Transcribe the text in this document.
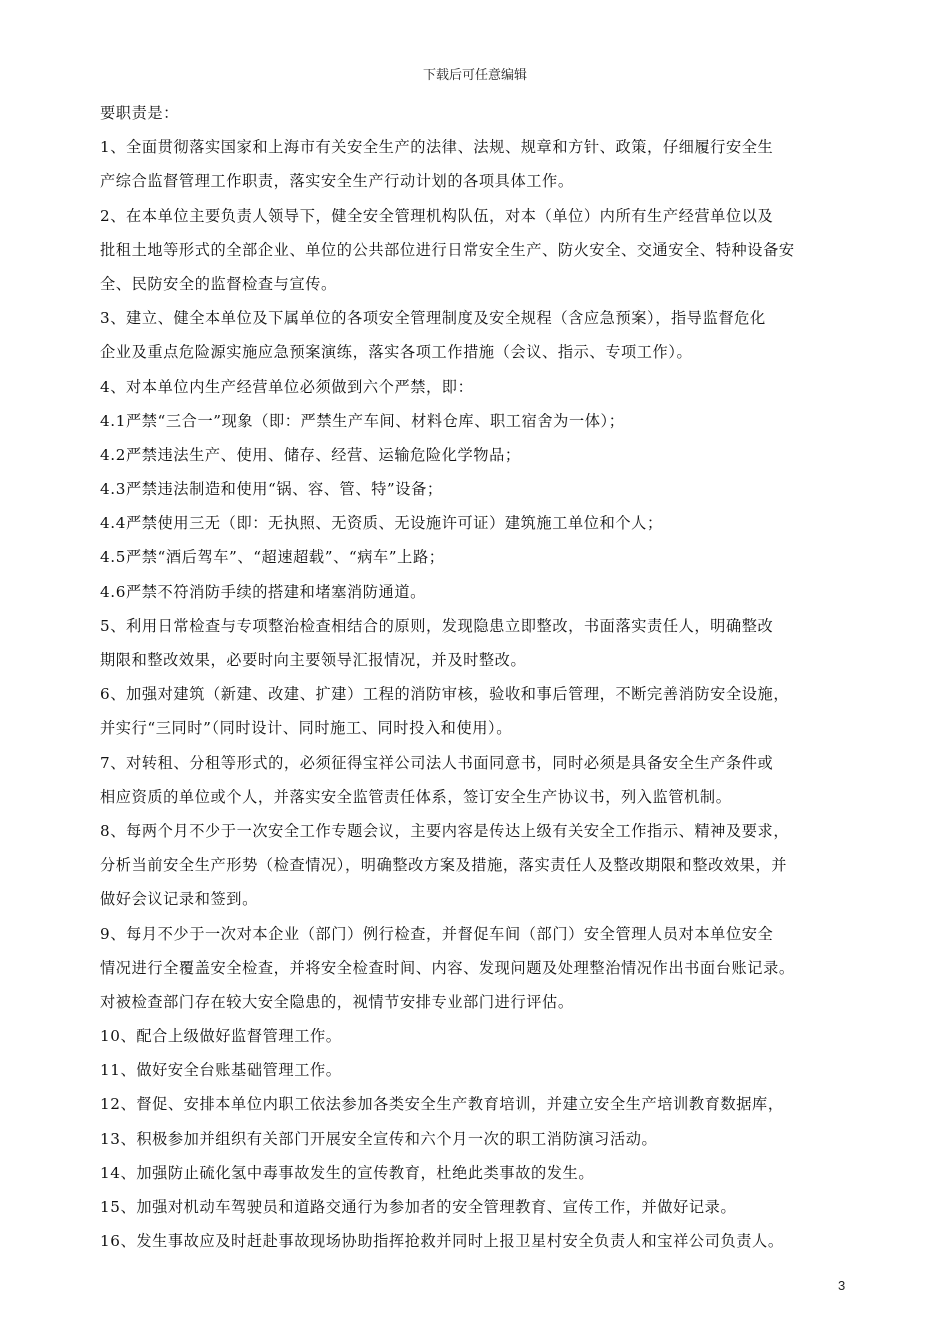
下载后可任意编辑
要职责是：
1、全面贯彻落实国家和上海市有关安全生产的法律、法规、规章和方针、政策，仔细履行安全生
产综合监督管理工作职责，落实安全生产行动计划的各项具体工作。
2、在本单位主要负责人领导下，健全安全管理机构队伍，对本（单位）内所有生产经营单位以及
批租土地等形式的全部企业、单位的公共部位进行日常安全生产、防火安全、交通安全、特种设备安
全、民防安全的监督检查与宣传。
3、建立、健全本单位及下属单位的各项安全管理制度及安全规程（含应急预案），指导监督危化
企业及重点危险源实施应急预案演练，落实各项工作措施（会议、指示、专项工作）。
4、对本单位内生产经营单位必须做到六个严禁，即：
4.1严禁“三合一”现象（即：严禁生产车间、材料仓库、职工宿舍为一体）；
4.2严禁违法生产、使用、储存、经营、运输危险化学物品；
4.3严禁违法制造和使用“锅、容、管、特”设备；
4.4严禁使用三无（即：无执照、无资质、无设施许可证）建筑施工单位和个人；
4.5严禁“酒后驾车”、“超速超载”、“病车”上路；
4.6严禁不符消防手续的搭建和堵塞消防通道。
5、利用日常检查与专项整治检查相结合的原则，发现隐患立即整改，书面落实责任人，明确整改
期限和整改效果，必要时向主要领导汇报情况，并及时整改。
6、加强对建筑（新建、改建、扩建）工程的消防审核，验收和事后管理，不断完善消防安全设施，
并实行“三同时”（同时设计、同时施工、同时投入和使用）。
7、对转租、分租等形式的，必须征得宝祥公司法人书面同意书，同时必须是具备安全生产条件或
相应资质的单位或个人，并落实安全监管责任体系，签订安全生产协议书，列入监管机制。
8、每两个月不少于一次安全工作专题会议，主要内容是传达上级有关安全工作指示、精神及要求，
分析当前安全生产形势（检查情况），明确整改方案及措施，落实责任人及整改期限和整改效果，并
做好会议记录和签到。
9、每月不少于一次对本企业（部门）例行检查，并督促车间（部门）安全管理人员对本单位安全
情况进行全覆盖安全检查，并将安全检查时间、内容、发现问题及处理整治情况作出书面台账记录。
对被检查部门存在较大安全隐患的，视情节安排专业部门进行评估。
10、配合上级做好监督管理工作。
11、做好安全台账基础管理工作。
12、督促、安排本单位内职工依法参加各类安全生产教育培训，并建立安全生产培训教育数据库，
13、积极参加并组织有关部门开展安全宣传和六个月一次的职工消防演习活动。
14、加强防止硫化氢中毒事故发生的宣传教育，杜绝此类事故的发生。
15、加强对机动车驾驶员和道路交通行为参加者的安全管理教育、宣传工作，并做好记录。
16、发生事故应及时赶赴事故现场协助指挥抢救并同时上报卫星村安全负责人和宝祥公司负责人。
3
